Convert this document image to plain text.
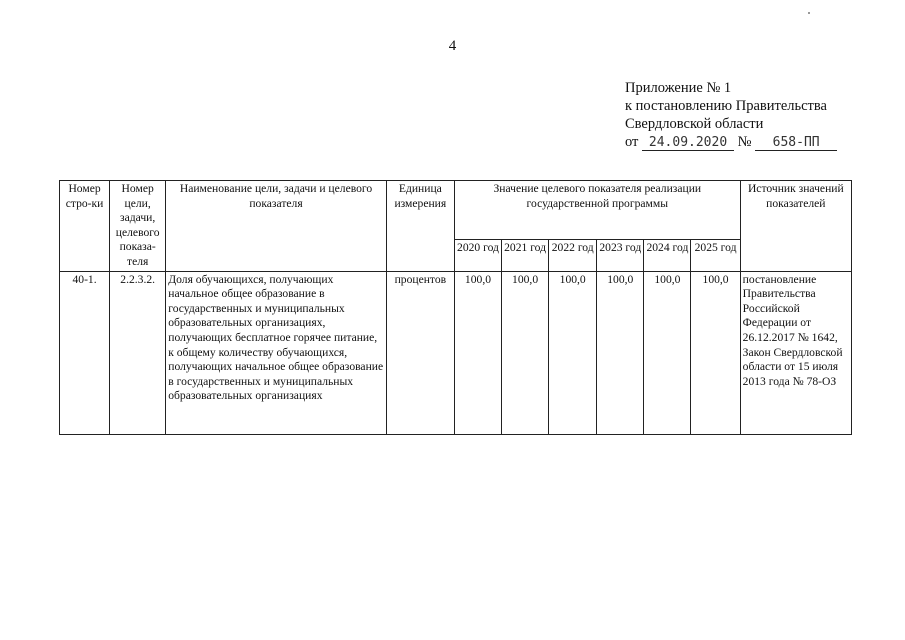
4
Приложение № 1
к постановлению Правительства
Свердловской области
от 24.09.2020 № 658-ПП
Номер стро-ки	Номер цели, задачи, целевого показа-теля	Наименование цели, задачи и целевого показателя	Единица измерения	Значение целевого показателя реализации государственной программы						Источник значений показателей
				2020 год	2021 год	2022 год	2023 год	2024 год	2025 год	
40-1.	2.2.3.2.	Доля обучающихся, получающих начальное общее образование в государственных и муниципальных образовательных организациях, получающих бесплатное горячее питание, к общему количеству обучающихся, получающих начальное общее образование в государственных и муниципальных образовательных организациях	процентов	100,0	100,0	100,0	100,0	100,0	100,0	постановление Правительства Российской Федерации от 26.12.2017 № 1642, Закон Свердловской области от 15 июля 2013 года № 78-ОЗ
